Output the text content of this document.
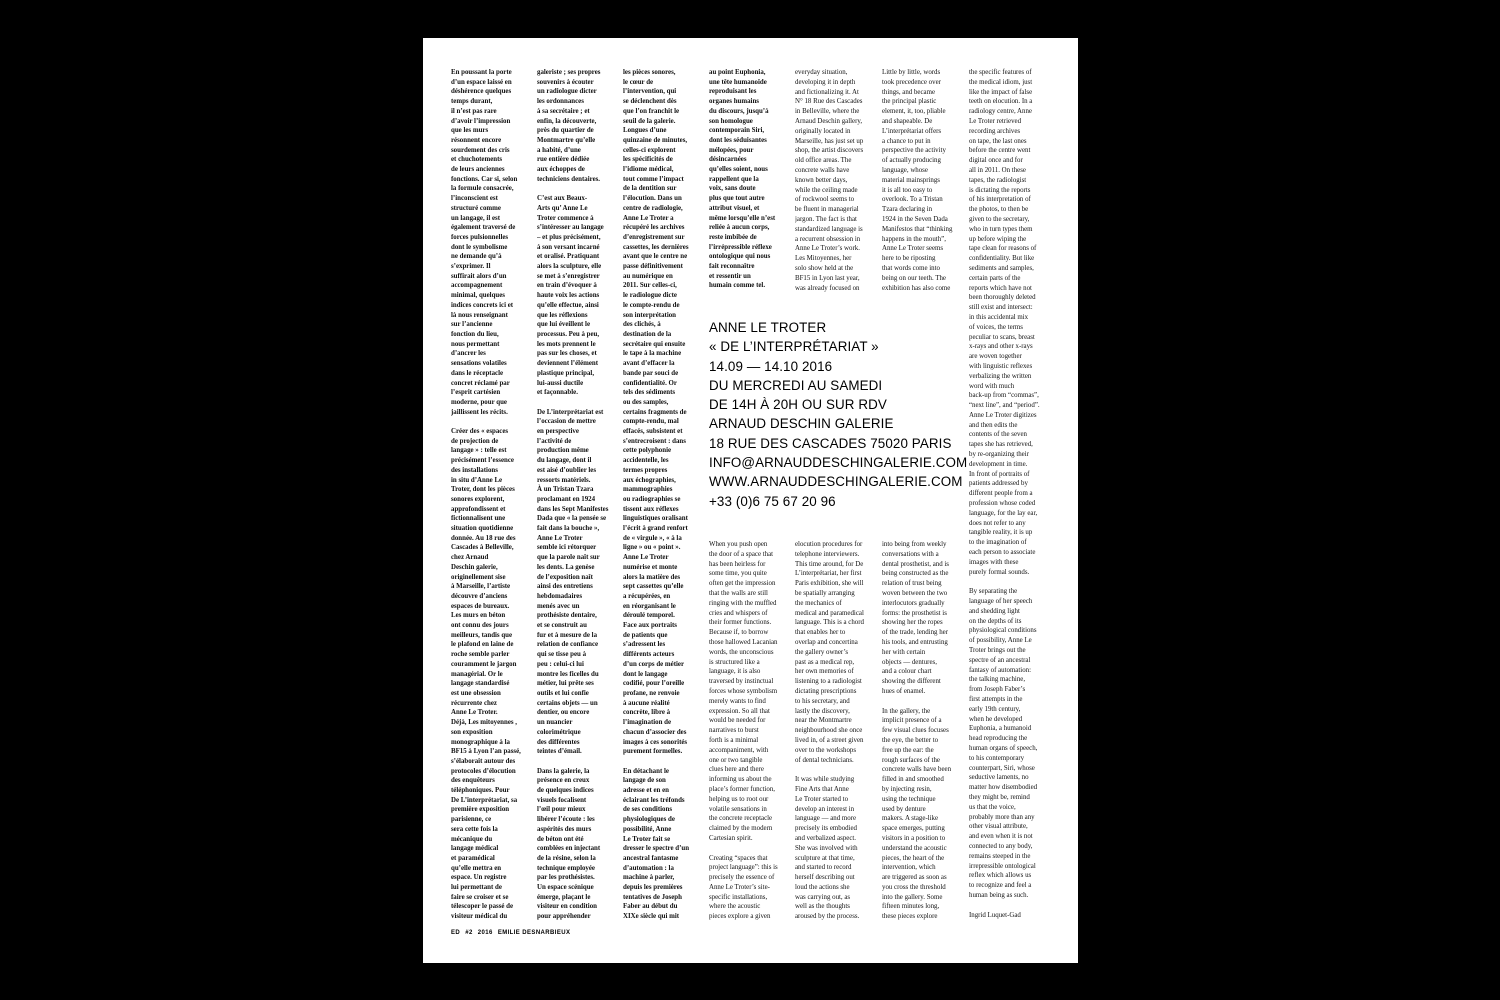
En poussant la porte
d’un espace laissé en
déshérence quelques
temps durant,
il n’est pas rare
d’avoir l’impression
que les murs
résonnent encore
sourdement des cris
et chuchotements
de leurs anciennes
fonctions. Car si, selon
la formule consacrée,
l’inconscient est
structuré comme
un langage, il est
également traversé de
forces pulsionnelles
dont le symbolisme
ne demande qu’à
s’exprimer. Il
suffirait alors d’un
accompagnement
minimal, quelques
indices concrets ici et
là nous renseignant
sur l’ancienne
fonction du lieu,
nous permettant
d’ancrer les
sensations volatiles
dans le réceptacle
concret réclamé par
l’esprit cartésien
moderne, pour que
jaillissent les récits.

Créer des « espaces
de projection de
langage » : telle est
précisément l’essence
des installations
in situ d’Anne Le
Troter, dont les pièces
sonores explorent,
approfondissent et
fictionnalisent une
situation quotidienne
donnée. Au 18 rue des
Cascades à Belleville,
chez Arnaud
Deschin galerie,
originellement sise
à Marseille, l’artiste
découvre d’anciens
espaces de bureaux.
Les murs en béton
ont connu des jours
meilleurs, tandis que
le plafond en laine de
roche semble parler
couramment le jargon
managérial. Or le
langage standardisé
est une obsession
récurrente chez
Anne Le Troter.
Déjà, Les mitoyennes ,
son exposition
monographique à la
BF15 à Lyon l’an passé,
s’élaborait autour des
protocoles d’élocution
des enquêteurs
téléphoniques. Pour
De L’interprétariat, sa
première exposition
parisienne, ce
sera cette fois la
mécanique du
langage médical
et paramédical
qu’elle mettra en
espace. Un registre
lui permettant de
faire se croiser et se
télescoper le passé de
visiteur médical du

galeriste ; ses propres
souvenirs à écouter
un radiologue dicter
les ordonnances
à sa secrétaire ; et
enfin, la découverte,
près du quartier de
Montmartre qu’elle
a habité, d’une
rue entière dédiée
aux échoppes de
techniciens dentaires.

C’est aux Beaux-
Arts qu’ Anne Le
Troter commence à
s’intéresser au langage
– et plus précisément,
à son versant incarné
et oralisé. Pratiquant
alors la sculpture, elle
se met à s’enregistrer
en train d’évoquer à
haute voix les actions
qu’elle effectue, ainsi
que les réflexions
que lui éveillent le
processus. Peu à peu,
les mots prennent le
pas sur les choses, et
deviennent l’élément
plastique principal,
lui-aussi ductile
et façonnable.

De L’interprétariat est
l’occasion de mettre
en perspective
l’activité de
production même
du langage, dont il
est aisé d’oublier les
ressorts matériels.
À un Tristan Tzara
proclamant en 1924
dans les Sept Manifestes
Dada que « la pensée se
fait dans la bouche »,
Anne Le Troter
semble ici rétorquer
que la parole naît sur
les dents. La genèse
de l’exposition naît
ainsi des entretiens
hebdomadaires
menés avec un
prothésiste dentaire,
et se construit au
fur et à mesure de la
relation de confiance
qui se tisse peu à
peu : celui-ci lui
montre les ficelles du
métier, lui prête ses
outils et lui confie
certains objets — un
dentier, ou encore
un nuancier
colorimétrique
des différentes
teintes d’émail.

Dans la galerie, la
présence en creux
de quelques indices
visuels focalisent
l’œil pour mieux
libérer l’écoute : les
aspérités des murs
de béton ont été
comblées en injectant
de la résine, selon la
technique employée
par les prothésistes.
Un espace scénique
émerge, plaçant le
visiteur en condition
pour appréhender

les pièces sonores,
le cœur de
l’intervention, qui
se déclenchent dès
que l’on franchit le
seuil de la galerie.
Longues d’une
quinzaine de minutes,
celles-ci explorent
les spécificités de
l’idiome médical,
tout comme l’impact
de la dentition sur
l’élocution. Dans un
centre de radiologie,
Anne Le Troter a
récupéré les archives
d’enregistrement sur
cassettes, les dernières
avant que le centre ne
passe définitivement
au numérique en
2011. Sur celles-ci,
le radiologue dicte
le compte-rendu de
son interprétation
des clichés, à
destination de la
secrétaire qui ensuite
le tape à la machine
avant d’effacer la
bande par souci de
confidentialité. Or
tels des sédiments
ou des samples,
certains fragments de
compte-rendu, mal
effacés, subsistent et
s’entrecroisent : dans
cette polyphonie
accidentelle, les
termes propres
aux échographies,
mammographies
ou radiographies se
tissent aux réflexes
linguistiques oralisant
l’écrit à grand renfort
de « virgule », « à la
ligne » ou « point ».
Anne Le Troter
numérise et monte
alors la matière des
sept cassettes qu’elle
a récupérées, en
en réorganisant le
déroulé temporel.
Face aux portraits
de patients que
s’adressent les
différents acteurs
d’un corps de métier
dont le langage
codifié, pour l’oreille
profane, ne renvoie
à aucune réalité
concrète, libre à
l’imagination de
chacun d’associer des
images à ces sonorités
purement formelles.

En détachant le
langage de son
adresse et en en
éclairant les tréfonds
de ses conditions
physiologiques de
possibilité, Anne
Le Troter fait se
dresser le spectre d’un
ancestral fantasme
d’automation : la
machine à parler,
depuis les premières
tentatives de Joseph
Faber au début du
XIXe siècle qui mit

au point Euphonia,
une tête humanoïde
reproduisant les
organes humains
du discours, jusqu’à
son homologue
contemporain Siri,
dont les séduisantes
mélopées, pour
désincarnées
qu’elles soient, nous
rappellent que la
voix, sans doute
plus que tout autre
attribut visuel, et
même lorsqu’elle n’est
reliée à aucun corps,
reste imbibée de
l’irrépressible réflexe
ontologique qui nous
fait reconnaître
et ressentir un
humain comme tel.

everyday situation,
developing it in depth
and fictionalizing it. At
N° 18 Rue des Cascades
in Belleville, where the
Arnaud Deschin gallery,
originally located in
Marseille, has just set up
shop, the artist discovers
old office areas. The
concrete walls have
known better days,
while the ceiling made
of rockwool seems to
be fluent in managerial
jargon. The fact is that
standardized language is
a recurrent obsession in
Anne Le Troter’s work.
Les Mitoyennes, her
solo show held at the
BF15 in Lyon last year,
was already focused on

Little by little, words
took precedence over
things, and became
the principal plastic
element, it, too, pliable
and shapeable. De
L’interprétariat offers
a chance to put in
perspective the activity
of actually producing
language, whose
material mainsprings
it is all too easy to
overlook. To a Tristan
Tzara declaring in
1924 in the Seven Dada
Manifestos that “thinking
happens in the mouth”,
Anne Le Troter seems
here to be riposting
that words come into
being on our teeth. The
exhibition has also come

the specific features of
the medical idiom, just
like the impact of false
teeth on elocution. In a
radiology centre, Anne
Le Troter retrieved
recording archives
on tape, the last ones
before the centre went
digital once and for
all in 2011. On these
tapes, the radiologist
is dictating the reports
of his interpretation of
the photos, to then be
given to the secretary,
who in turn types them
up before wiping the
tape clean for reasons of
confidentiality. But like
sediments and samples,
certain parts of the
reports which have not
been thoroughly deleted
still exist and intersect:
in this accidental mix
of voices, the terms
peculiar to scans, breast
x-rays and other x-rays
are woven together
with linguistic reflexes
verbalizing the written
word with much
back-up from “commas”,
“next line”, and “period”.
Anne Le Troter digitizes
and then edits the
contents of the seven
tapes she has retrieved,
by re-organizing their
development in time.
In front of portraits of
patients addressed by
different people from a
profession whose coded
language, for the lay ear,
does not refer to any
tangible reality, it is up
to the imagination of
each person to associate
images with these
purely formal sounds.

By separating the
language of her speech
and shedding light
on the depths of its
physiological conditions
of possibility, Anne Le
Troter brings out the
spectre of an ancestral
fantasy of automation:
the talking machine,
from Joseph Faber’s
first attempts in the
early 19th century,
when he developed
Euphonia, a humanoid
head reproducing the
human organs of speech,
to his contemporary
counterpart, Siri, whose
seductive laments, no
matter how disembodied
they might be, remind
us that the voice,
probably more than any
other visual attribute,
and even when it is not
connected to any body,
remains steeped in the
irrepressible ontological
reflex which allows us
to recognize and feel a
human being as such.

Ingrid Luquet-Gad

ANNE LE TROTER
« DE L’INTERPRÉTARIAT »
14.09 — 14.10 2016
DU MERCREDI AU SAMEDI
DE 14H À 20H OU SUR RDV
ARNAUD DESCHIN GALERIE
18 RUE DES CASCADES 75020 PARIS
INFO@ARNAUDDESCHINGALERIE.COM
WWW.ARNAUDDESCHINGALERIE.COM
+33 (0)6 75 67 20 96

When you push open
the door of a space that
has been heirless for
some time, you quite
often get the impression
that the walls are still
ringing with the muffled
cries and whispers of
their former functions.
Because if, to borrow
those hallowed Lacanian
words, the unconscious
is structured like a
language, it is also
traversed by instinctual
forces whose symbolism
merely wants to find
expression. So all that
would be needed for
narratives to burst
forth is a minimal
accompaniment, with
one or two tangible
clues here and there
informing us about the
place’s former function,
helping us to root our
volatile sensations in
the concrete receptacle
claimed by the modern
Cartesian spirit.

Creating “spaces that
project language”: this is
precisely the essence of
Anne Le Troter’s site-
specific installations,
where the acoustic
pieces explore a given

elocution procedures for
telephone interviewers.
This time around, for De
L’interprétariat, her first
Paris exhibition, she will
be spatially arranging
the mechanics of
medical and paramedical
language. This is a chord
that enables her to
overlap and concertina
the gallery owner’s
past as a medical rep,
her own memories of
listening to a radiologist
dictating prescriptions
to his secretary, and
lastly the discovery,
near the Montmartre
neighbourhood she once
lived in, of a street given
over to the workshops
of dental technicians.

It was while studying
Fine Arts that Anne
Le Troter started to
develop an interest in
language — and more
precisely its embodied
and verbalized aspect.
She was involved with
sculpture at that time,
and started to record
herself describing out
loud the actions she
was carrying out, as
well as the thoughts
aroused by the process.

into being from weekly
conversations with a
dental prosthetist, and is
being constructed as the
relation of trust being
woven between the two
interlocutors gradually
forms: the prosthetist is
showing her the ropes
of the trade, lending her
his tools, and entrusting
her with certain
objects — dentures,
and a colour chart
showing the different
hues of enamel.

In the gallery, the
implicit presence of a
few visual clues focuses
the eye, the better to
free up the ear: the
rough surfaces of the
concrete walls have been
filled in and smoothed
by injecting resin,
using the technique
used by denture
makers. A stage-like
space emerges, putting
visitors in a position to
understand the acoustic
pieces, the heart of the
intervention, which
are triggered as soon as
you cross the threshold
into the gallery. Some
fifteen minutes long,
these pieces explore

ED #2 2016 EMILIE DESNARBIEUX
